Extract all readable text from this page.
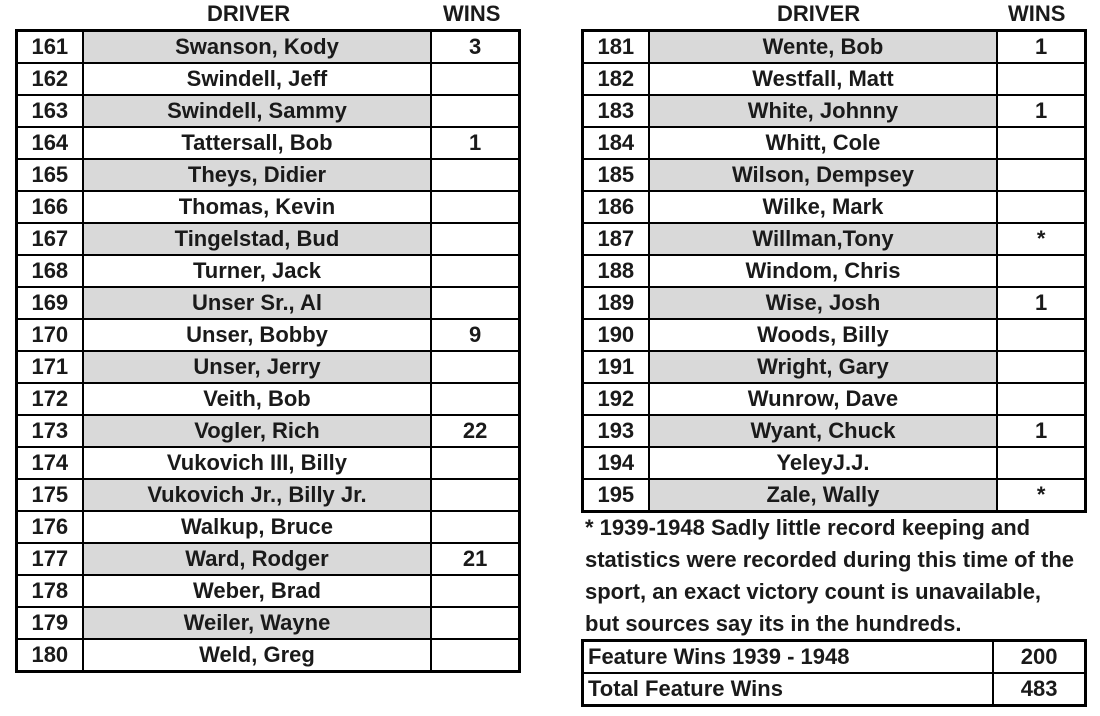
DRIVER	WINS	DRIVER	WINS
161	Swanson, Kody	3
162	Swindell, Jeff	
163	Swindell, Sammy	
164	Tattersall, Bob	1
165	Theys, Didier	
166	Thomas, Kevin	
167	Tingelstad, Bud	
168	Turner, Jack	
169	Unser Sr., Al	
170	Unser, Bobby	9
171	Unser, Jerry	
172	Veith, Bob	
173	Vogler, Rich	22
174	Vukovich III, Billy	
175	Vukovich Jr., Billy Jr.	
176	Walkup, Bruce	
177	Ward, Rodger	21
178	Weber, Brad	
179	Weiler, Wayne	
180	Weld, Greg	
181	Wente, Bob	1
182	Westfall, Matt	
183	White, Johnny	1
184	Whitt, Cole	
185	Wilson, Dempsey	
186	Wilke, Mark	
187	Willman,Tony	*
188	Windom, Chris	
189	Wise, Josh	1
190	Woods, Billy	
191	Wright, Gary	
192	Wunrow, Dave	
193	Wyant, Chuck	1
194	YeleyJ.J.	
195	Zale, Wally	*
* 1939-1948 Sadly little record keeping and
statistics were recorded during this time of the
sport, an exact victory count is unavailable,
but sources say its in the hundreds.
Feature Wins 1939 - 1948	200
Total Feature Wins	483
